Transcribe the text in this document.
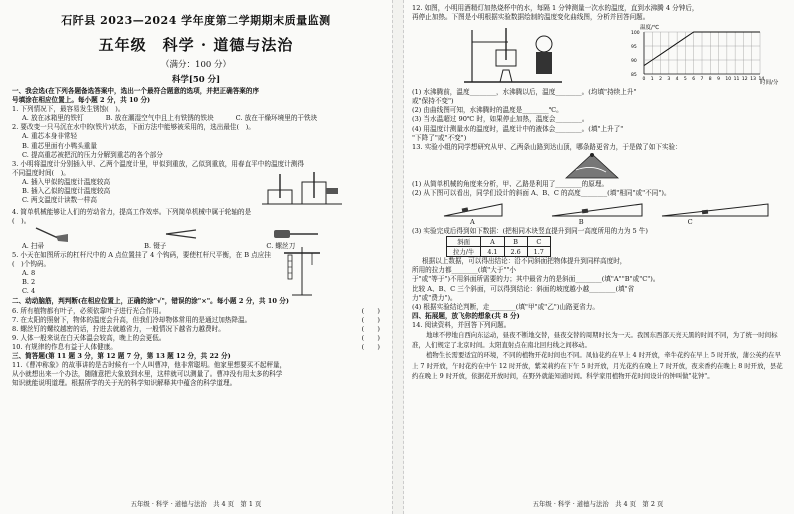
石阡县 2023—2024 学年度第二学期期末质量监测
五年级　科学 · 道德与法治
（满分：100 分）
科学[50 分]
一、我会选(在下列各题备选答案中，选出一个最符合题意的选项，并把正确答案的序
号填涂在相应位置上。每小题 2 分，共 10 分)
1. 下列情况下，最容易发生锈蚀(　)。
A. 放在冰箱里的铁钉	B. 放在潮湿空气中且上有铁锈的铁块	C. 放在干燥环境里的干铁块
2. 要改变一只马沉在水中的(铁片)状态，下面方法中能够被采用的，选出最佳(　)。
A. 重芯本身非常轻
B. 重芯里面有小鸭头重量
C. 提高重芯被把沉的压力分解到重芯的各个部分
3. 小明将温度计分别插入甲、乙两个温度计里，甲似到重放，乙似到重放，用春直平中的温度计测得
不同温度时间(　)。
A. 插入甲似的温度计温度较高
B. 插入乙似的温度计温度较高
C. 两支温度计读数一样高
4. 简单机械能够让人们的劳动省力，提高工作效率。下列简单机械中属于轮轴的是
(　)。
A. 扫帚	B. 镊子	C. 螺丝刀
5. 小天在如图所示的杠杆尺中的 A 点位置挂了 4 个钩码，要使杠杆尺平衡，在 B 点应挂
(　)个钩码。
A. 8
B. 2
C. 4
二、动动脑筋，判判断(在相应位置上，正确的涂"√"，错误的涂"×"。每小题 2 分，共 10 分)
6. 所有植物都有叶子，必须依靠叶子进行光合作用。	(　　)
7. 在太阳的照射下，物体的温度会升高，但我们冷却物体常用的是通过加热降温。	(　　)
8. 螺丝钉的螺纹越密的话，拧进去就越省力，一般情况下越省力越费时。	(　　)
9. 人体一般来说在白天体温会较高，晚上的会更低。	(　　)
10. 有规律的作息有益于人体健康。	(　　)
三、简答题(第 11 题 3 分，第 12 题 7 分，第 13 题 12 分，共 22 分)
11.《曹冲称象》的故事讲的是古时候有一个人叫曹冲，他非常聪明。他家里想要买不起秤量，
从小就想出来一个办法，随随意把大象放到水里，这样就可以测量了。曹冲没有用太多的科学
知识就能说明道理。根据所学的关于光的科学知识解释其中蕴含的科学道理。
五年级 · 科学 · 道德与法治　共 4 页　第 1 页
12. 如图，小明用酒精灯加热烧杯中的水，每隔 1 分钟测量一次水的温度，直到水沸腾 4 分钟后，
再停止加热。下图是小明根据实验数据绘制的温度变化曲线图，分析并回答问题。
温度/℃
0 1 2 3 4 5 6 7 8 9 10 11 12 13 14
85
90
95
100
时间/分
(1) 水沸腾前，温度________，水沸腾以后，温度________。(均填"持续上升"
或"保持不变")
(2) 由曲线图可知，水沸腾时的温度是________℃。
(3) 当水温超过 90℃ 时，如果停止加热，温度会________。
(4) 用温度计测量水的温度时，温度计中的液体会________。(填"上升了"
"下降了"或"不变")
13. 实验小组的同学想研究从甲、乙两条山路到达山顶，哪条路更省力，于是做了如下实验：
(1) 从简单机械的角度来分析，甲、乙路是利用了________的原理。
(2) 从下图可以看出，同学们设计的斜面 A、B、C 的高度________(填"相同"或"不同")。
A	B	C
(3) 实验完成后得到如下数据：(把相同木块竖直提升到同一高度所用的力为 5 牛)
斜面	A	B	C
拉力/牛	4.1	2.6	1.7
根据以上数据，可以得出结论：沿不同斜面把物体提升到同样高度时，
所用的拉力都________(填"大于""小
于"或"等于")不用斜面所需要的力；其中最省力的是斜面________(填"A""B"或"C")。
比较 A、B、C 三个斜面，可以得到结论：斜面的坡度越小越________(填"省
力"或"费力")。
(4) 根据实验结论判断，走________(填"甲"或"乙")山路更省力。
四、拓展题，放飞你的想象(共 8 分)
14. 阅读资料，并回答下列问题。
地球不停地自西向东运动，昼夜不断地交替，昼夜交替的周期时长为一天。我国东西部天亮天黑的时间不同，为了统一时间标准，人们规定了北京时间。太阳直射点在南北回归线之间移动。
植物生长需要适宜的环境，不同的植物开花时间也不同。凤仙花约在早上 4 时开放，牵牛花约在早上 5 时开放，蒲公英约在早上 7 时开放，午时花约在中午 12 时开放，紫茉莉约在下午 5 时开放，月光花约在晚上 7 时开放，夜来香约在晚上 8 时开放，昙花约在晚上 9 时开放，依据花开放时间，在野外就能知道时间。科学家用植物开花时间设计的钟叫做"花钟"。
五年级 · 科学 · 道德与法治　共 4 页　第 2 页
